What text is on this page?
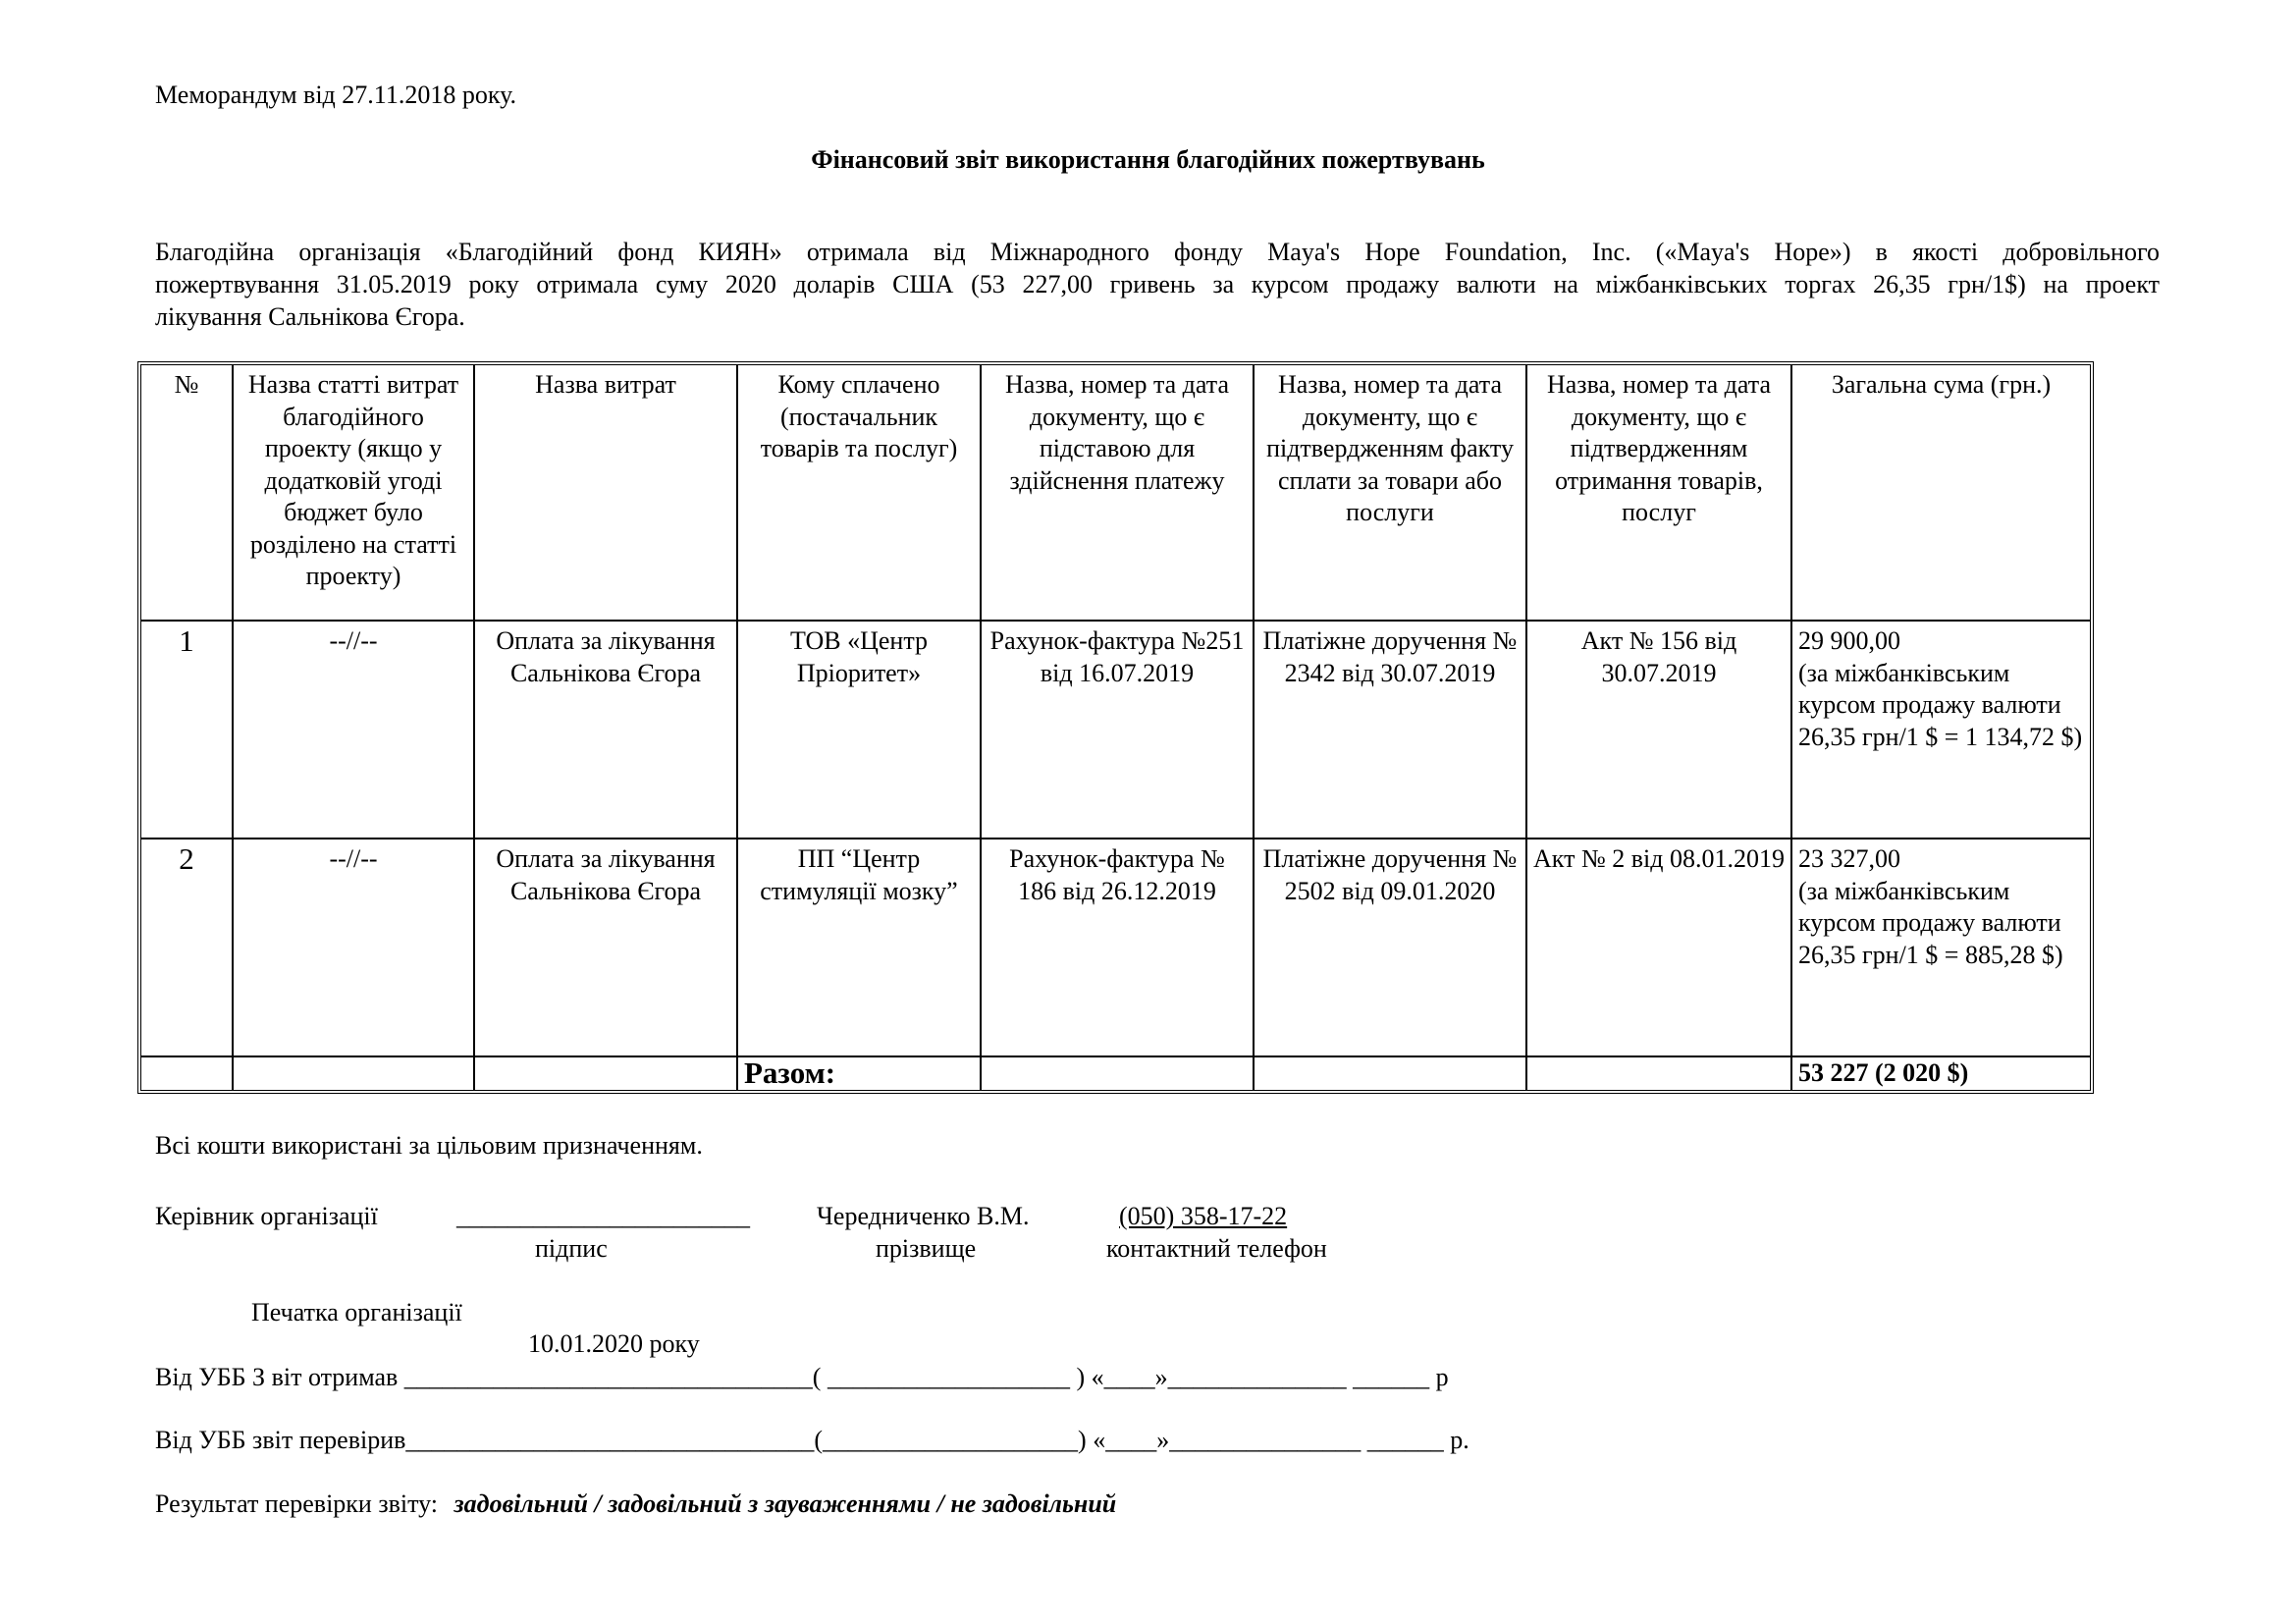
Меморандум від 27.11.2018 року.
Фінансовий звіт використання благодійних пожертвувань

Благодійна організація «Благодійний фонд КИЯН» отримала від Міжнародного фонду Maya's Hope Foundation, Inc. («Maya's Hope») в якості добровільного

пожертвування 31.05.2019 року отримала суму 2020 доларів США (53 227,00 гривень за курсом продажу валюти на міжбанківських торгах 26,35 грн/1$) на проект

лікування Сальнікова Єгора.

№	Назва статті витрат благодійного проекту (якщо у додатковій угоді бюджет було розділено на статті проекту)	Назва витрат	Кому сплачено (постачальник товарів та послуг)	Назва, номер та дата документу, що є підставою для здійснення платежу	Назва, номер та дата документу, що є підтвердженням факту сплати за товари або послуги	Назва, номер та дата документу, що є підтвердженням отримання товарів, послуг	Загальна сума (грн.)
1	--//--	Оплата за лікування Сальнікова Єгора	ТОВ «Центр Пріоритет»	Рахунок-фактура №251 від 16.07.2019	Платіжне доручення № 2342 від 30.07.2019	Акт № 156 від 30.07.2019	29 900,00
(за міжбанківським курсом продажу валюти 26,35 грн/1 $ = 1 134,72 $)

2	--//--	Оплата за лікування Сальнікова Єгора	ПП “Центр стимуляції мозку”	Рахунок-фактура № 186 від 26.12.2019	Платіжне доручення № 2502 від 09.01.2020	Акт № 2 від 08.01.2019	23 327,00
(за міжбанківським курсом продажу валюти 26,35 грн/1 $ = 885,28 $)

			Разом:				53 227 (2 020 $)
Всі кошти використані за цільовим призначенням.
Керівник організації	_______________________	Чередниченко В.М.	(050) 358-17-22
підпис	прізвище	контактний телефон
Печатка організації
10.01.2020 року
Від УББ З віт отримав ________________________________( ___________________ ) «____»______________ ______ р
Від УББ звіт перевірив________________________________(____________________) «____»_______________ ______ р.
Результат перевірки звіту: задовільний / задовільний з зауваженнями / не задовільний
